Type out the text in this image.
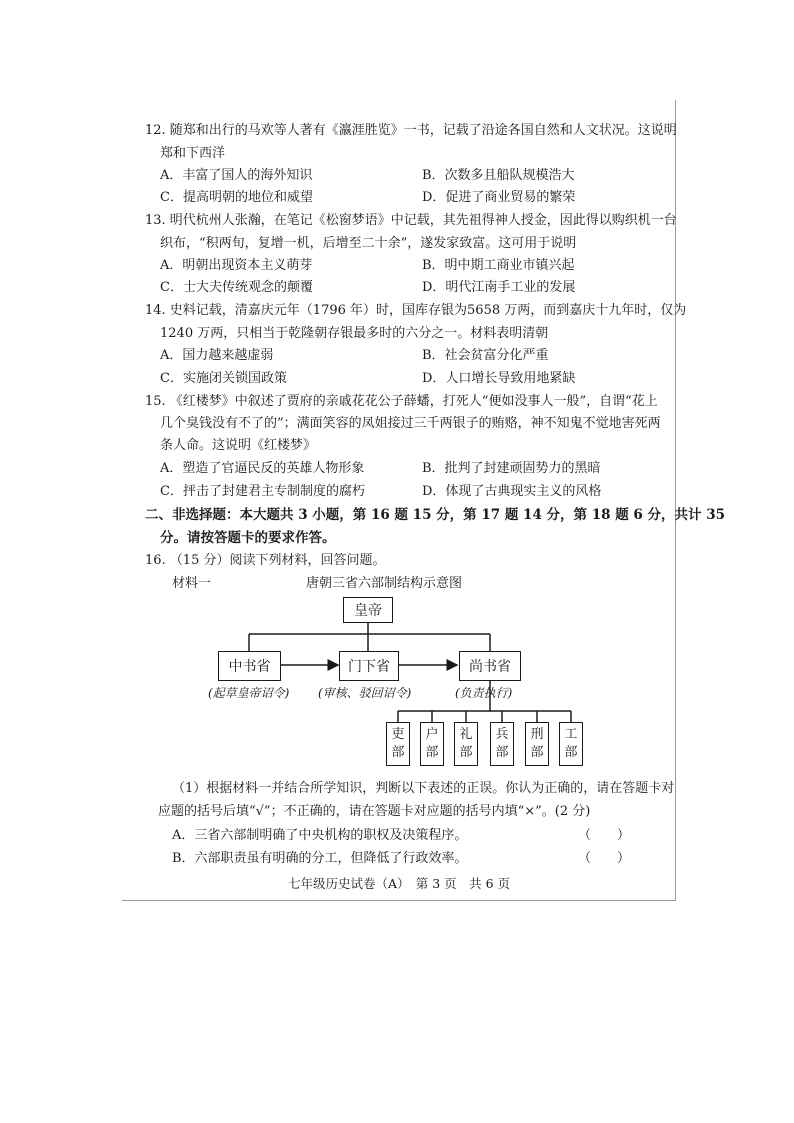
12. 随郑和出行的马欢等人著有《瀛涯胜览》一书，记载了沿途各国自然和人文状况。这说明
郑和下西洋
A．丰富了国人的海外知识	B．次数多且船队规模浩大
C．提高明朝的地位和威望	D．促进了商业贸易的繁荣
13. 明代杭州人张瀚，在笔记《松窗梦语》中记载，其先祖得神人授金，因此得以购织机一台
织布，“积两旬，复增一机，后增至二十余”，遂发家致富。这可用于说明
A．明朝出现资本主义萌芽	B．明中期工商业市镇兴起
C．士大夫传统观念的颠覆	D．明代江南手工业的发展
14. 史料记载，清嘉庆元年（1796 年）时，国库存银为5658 万两，而到嘉庆十九年时，仅为
1240 万两，只相当于乾隆朝存银最多时的六分之一。材料表明清朝
A．国力越来越虚弱	B．社会贫富分化严重
C．实施闭关锁国政策	D．人口增长导致用地紧缺
15. 《红楼梦》中叙述了贾府的亲戚花花公子薛蟠，打死人“便如没事人一般”，自谓“花上
几个臭钱没有不了的”；满面笑容的凤姐接过三千两银子的贿赂，神不知鬼不觉地害死两
条人命。这说明《红楼梦》
A．塑造了官逼民反的英雄人物形象	B．批判了封建顽固势力的黑暗
C．抨击了封建君主专制制度的腐朽	D．体现了古典现实主义的风格
二、非选择题：本大题共 3 小题，第 16 题 15 分，第 17 题 14 分，第 18 题 6 分，共计 35
分。请按答题卡的要求作答。
16. （15 分）阅读下列材料，回答问题。
材料一	唐朝三省六部制结构示意图
皇帝
中书省	门下省	尚书省
(起草皇帝诏令) (审核、驳回诏令)	(负责执行)
吏
部
户
部
礼
部
兵
部
刑
部
工
部
（1）根据材料一并结合所学知识，判断以下表述的正误。你认为正确的，请在答题卡对
应题的括号后填“√”；不正确的，请在答题卡对应题的括号内填“×”。(2 分)
A．三省六部制明确了中央机构的职权及决策程序。	（　　）
B．六部职责虽有明确的分工，但降低了行政效率。	（　　）
七年级历史试卷（A）　第 3 页　共 6 页
